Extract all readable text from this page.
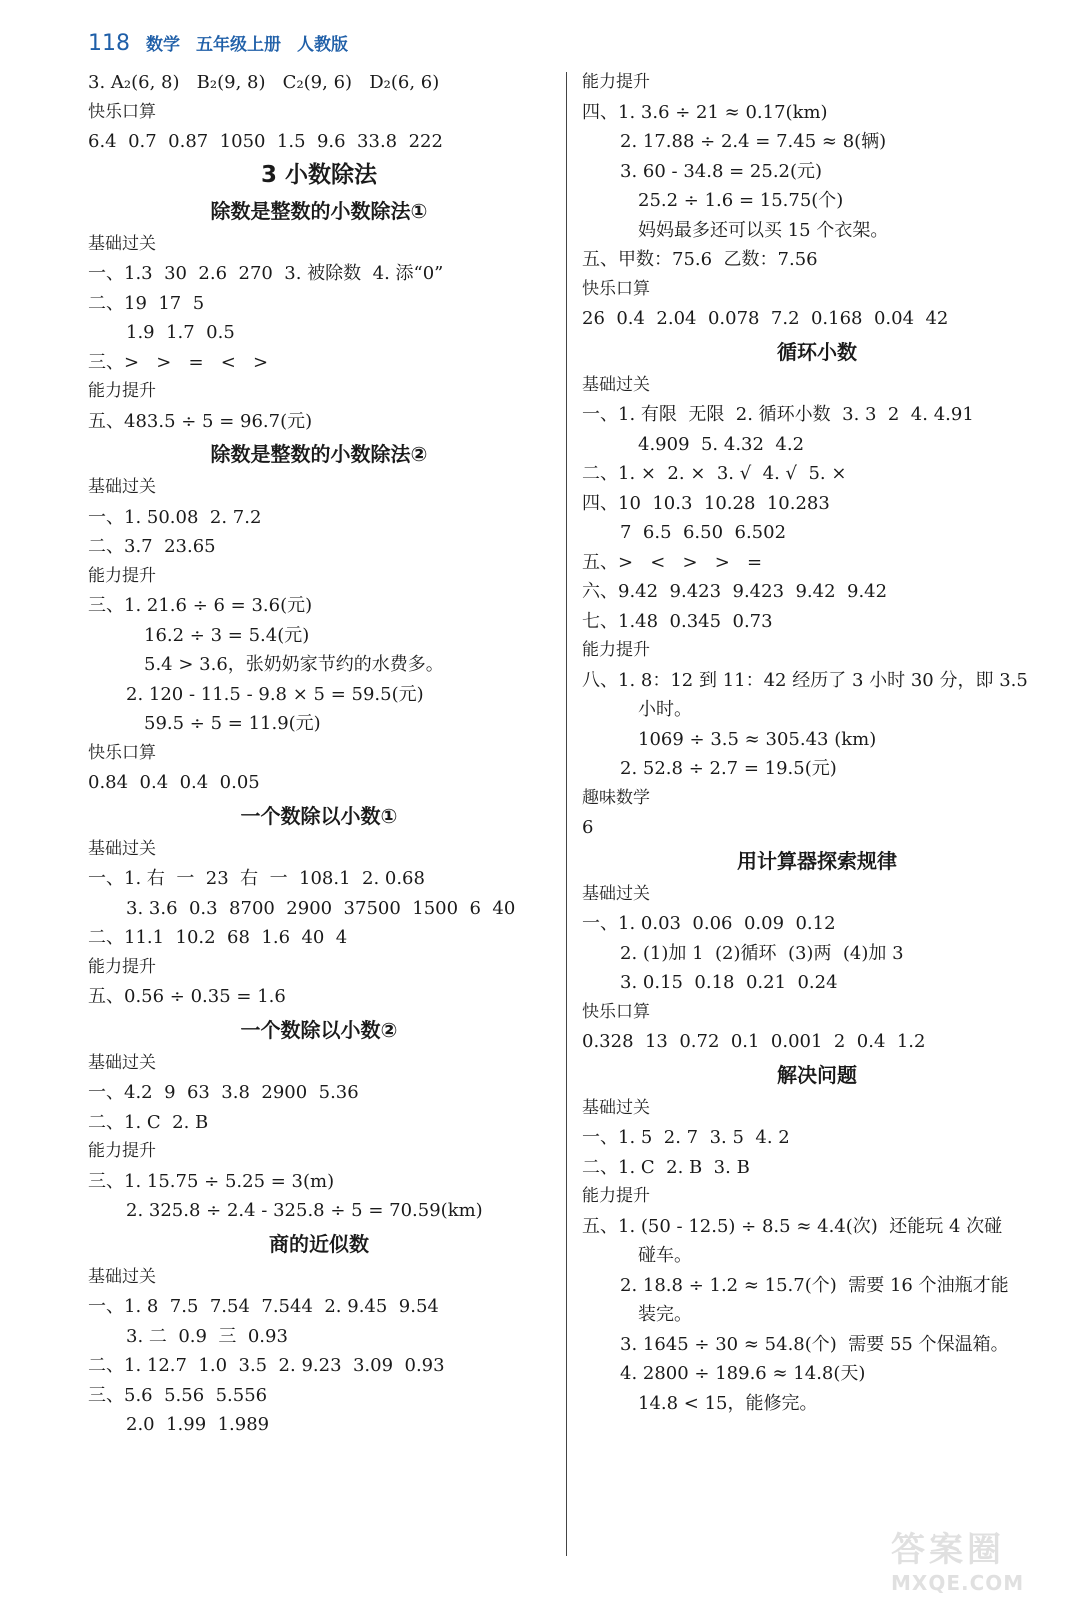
118 数学 五年级上册 人教版
3. A₂(6, 8)   B₂(9, 8)   C₂(9, 6)   D₂(6, 6)
快乐口算
6.4  0.7  0.87  1050  1.5  9.6  33.8  222
3 小数除法
除数是整数的小数除法①
基础过关
一、1.3  30  2.6  270  3. 被除数  4. 添“0”
二、19  17  5
1.9  1.7  0.5
三、>   >   =   <   >
能力提升
五、483.5 ÷ 5 = 96.7(元)
除数是整数的小数除法②
基础过关
一、1. 50.08  2. 7.2
二、3.7  23.65
能力提升
三、1. 21.6 ÷ 6 = 3.6(元)
16.2 ÷ 3 = 5.4(元)
5.4 > 3.6，张奶奶家节约的水费多。
2. 120 - 11.5 - 9.8 × 5 = 59.5(元)
59.5 ÷ 5 = 11.9(元)
快乐口算
0.84  0.4  0.4  0.05
一个数除以小数①
基础过关
一、1. 右  一  23  右  一  108.1  2. 0.68
3. 3.6  0.3  8700  2900  37500  1500  6  40
二、11.1  10.2  68  1.6  40  4
能力提升
五、0.56 ÷ 0.35 = 1.6
一个数除以小数②
基础过关
一、4.2  9  63  3.8  2900  5.36
二、1. C  2. B
能力提升
三、1. 15.75 ÷ 5.25 = 3(m)
2. 325.8 ÷ 2.4 - 325.8 ÷ 5 = 70.59(km)
商的近似数
基础过关
一、1. 8  7.5  7.54  7.544  2. 9.45  9.54
3. 二  0.9  三  0.93
二、1. 12.7  1.0  3.5  2. 9.23  3.09  0.93
三、5.6  5.56  5.556
2.0  1.99  1.989
能力提升
四、1. 3.6 ÷ 21 ≈ 0.17(km)
2. 17.88 ÷ 2.4 = 7.45 ≈ 8(辆)
3. 60 - 34.8 = 25.2(元)
25.2 ÷ 1.6 = 15.75(个)
妈妈最多还可以买 15 个衣架。
五、甲数：75.6  乙数：7.56
快乐口算
26  0.4  2.04  0.078  7.2  0.168  0.04  42
循环小数
基础过关
一、1. 有限  无限  2. 循环小数  3. 3  2  4. 4.91
4.909  5. 4.32  4.2
二、1. ×  2. ×  3. √  4. √  5. ×
四、10  10.3  10.28  10.283
7  6.5  6.50  6.502
五、>   <   >   >   =
六、9.42  9.423  9.423  9.42  9.42
七、1.48  0.345  0.73
能力提升
八、1. 8：12 到 11：42 经历了 3 小时 30 分，即 3.5
小时。
1069 ÷ 3.5 ≈ 305.43 (km)
2. 52.8 ÷ 2.7 = 19.5(元)
趣味数学
6
用计算器探索规律
基础过关
一、1. 0.03  0.06  0.09  0.12
2. (1)加 1  (2)循环  (3)两  (4)加 3
3. 0.15  0.18  0.21  0.24
快乐口算
0.328  13  0.72  0.1  0.001  2  0.4  1.2
解决问题
基础过关
一、1. 5  2. 7  3. 5  4. 2
二、1. C  2. B  3. B
能力提升
五、1. (50 - 12.5) ÷ 8.5 ≈ 4.4(次)  还能玩 4 次碰
碰车。
2. 18.8 ÷ 1.2 ≈ 15.7(个)  需要 16 个油瓶才能
装完。
3. 1645 ÷ 30 ≈ 54.8(个)  需要 55 个保温箱。
4. 2800 ÷ 189.6 ≈ 14.8(天)
14.8 < 15，能修完。
答案圈
MXQE.COM
